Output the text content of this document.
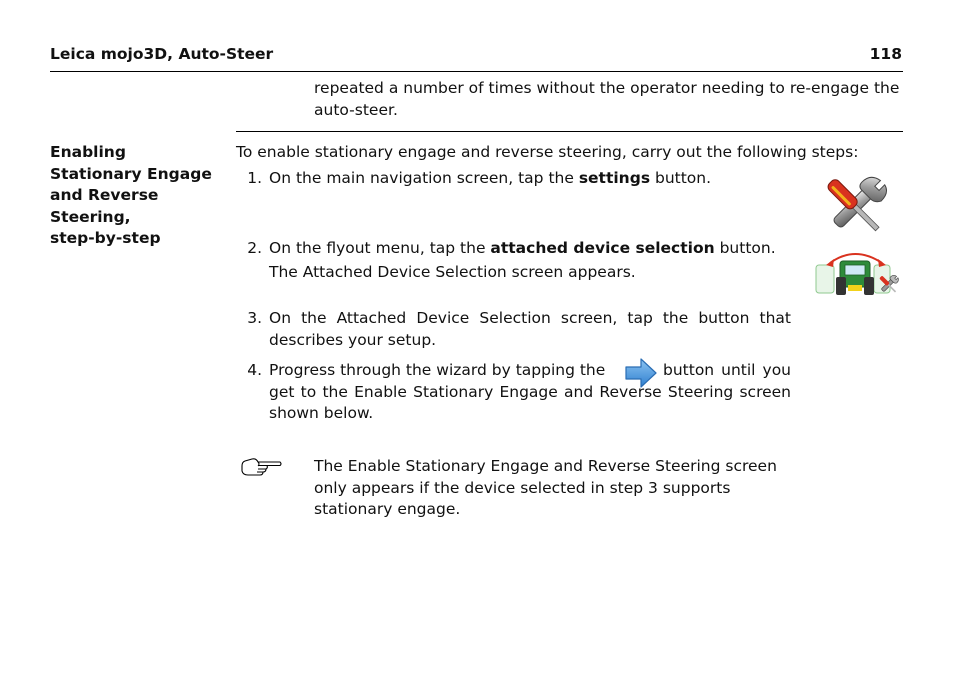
Leica mojo3D, Auto-Steer	118
repeated a number of times without the operator needing to re-engage the auto-steer.
Enabling
Stationary Engage
and Reverse
Steering,
step-by-step
To enable stationary engage and reverse steering, carry out the following steps:
1. On the main navigation screen, tap the settings button.
2. On the flyout menu, tap the attached device selection button.
The Attached Device Selection screen appears.
3. On the Attached Device Selection screen, tap the button that describes your setup.
4. Progress through the wizard by tapping the	button until you get to the Enable Stationary Engage and Reverse Steering screen shown below.
The Enable Stationary Engage and Reverse Steering screen only appears if the device selected in step 3 supports stationary engage.
